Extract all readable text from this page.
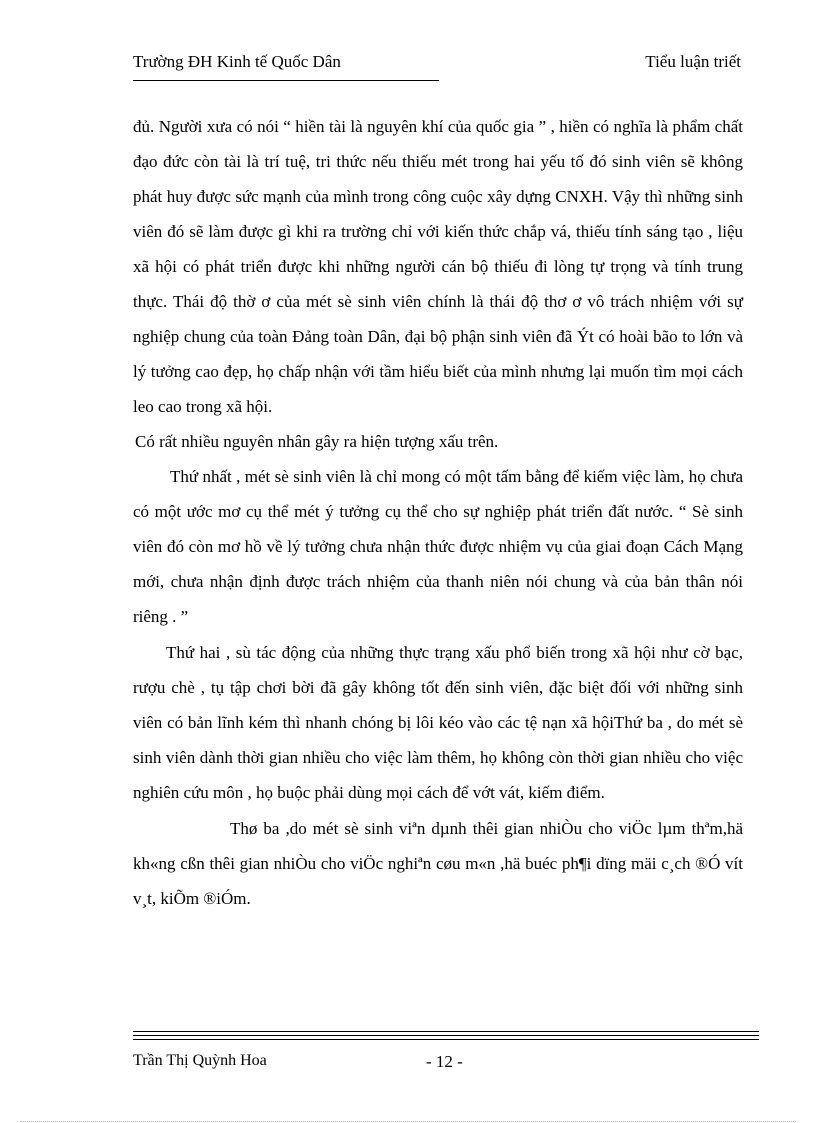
Trường ĐH Kinh tế Quốc Dân	Tiểu luận triết

đủ. Người xưa có nói “ hiền tài là nguyên khí của quốc gia ” , hiền có nghĩa là phẩm chất đạo đức còn tài là trí tuệ, tri thức nếu thiếu mét trong hai yếu tố đó sinh viên sẽ không phát huy được sức mạnh của mình trong công cuộc xây dựng CNXH. Vậy thì những sinh viên đó sẽ làm được gì khi ra trường chỉ với kiến thức chắp vá, thiếu tính sáng tạo , liệu xã hội có phát triển được khi những người cán bộ thiếu đi lòng tự trọng và tính trung thực. Thái độ thờ ơ của mét sè sinh viên chính là thái độ thơ ơ vô trách nhiệm với sự nghiệp chung của toàn Đảng toàn Dân, đại bộ phận sinh viên đã Ýt có hoài bão to lớn và lý tưởng cao đẹp, họ chấp nhận với tầm hiểu biết của mình nhưng lại muốn tìm mọi cách leo cao trong xã hội.

Có rất nhiều nguyên nhân gây ra hiện tượng xấu trên.

Thứ nhất , mét sè sinh viên là chỉ mong có một tấm bằng để kiếm việc làm, họ chưa có một ước mơ cụ thể mét ý tưởng cụ thể cho sự nghiệp phát triển đất nước. “ Sè sinh viên đó còn mơ hồ về lý tưởng chưa nhận thức được nhiệm vụ của giai đoạn Cách Mạng mới, chưa nhận định được trách nhiệm của thanh niên nói chung và của bản thân nói riêng . ”

Thứ hai , sù tác động của những thực trạng xấu phổ biến trong xã hội như cờ bạc, rượu chè , tụ tập chơi bời đã gây không tốt đến sinh viên, đặc biệt đối với những sinh viên có bản lĩnh kém thì nhanh chóng bị lôi kéo vào các tệ nạn xã hộiThứ ba , do mét sè sinh viên dành thời gian nhiều cho việc làm thêm, họ không còn thời gian nhiều cho việc nghiên cứu môn , họ buộc phải dùng mọi cách để vớt vát, kiếm điểm.

Thø ba ,do mét sè sinh viªn dµnh thêi gian nhiÒu cho viÖc lµm thªm,hä kh«ng cßn thêi gian nhiÒu cho viÖc nghiªn cøu m«n ,hä buéc ph¶i dïng mäi c¸ch ®Ó vít v¸t, kiÕm ®iÓm.

Trần Thị Quỳnh Hoa	- 12 -
